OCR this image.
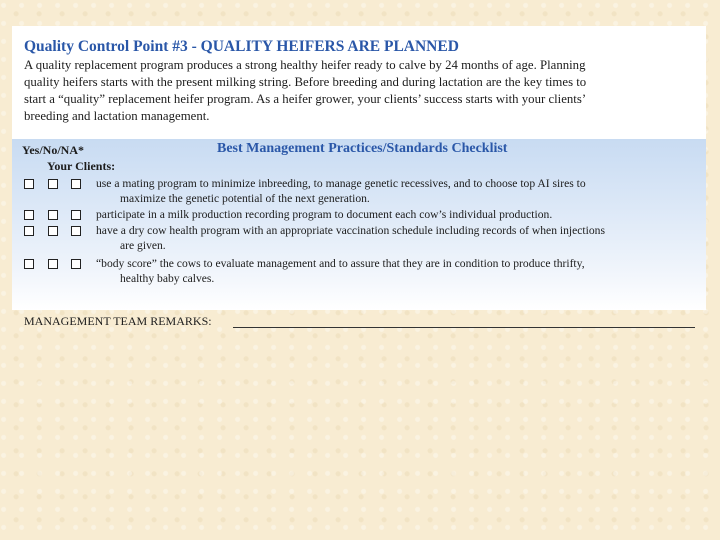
Quality Control Point #3 - QUALITY HEIFERS ARE PLANNED
A quality replacement program produces a strong healthy heifer ready to calve by 24 months of age. Planning
quality heifers starts with the present milking string. Before breeding and during lactation are the key times to
start a “quality” replacement heifer program. As a heifer grower, your clients’ success starts with your clients’
breeding and lactation management.
Yes/No/NA*	Best Management Practices/Standards Checklist
Your Clients:
use a mating program to minimize inbreeding, to manage genetic recessives, and to choose top AI sires to
maximize the genetic potential of the next generation.
participate in a milk production recording program to document each cow’s individual production.
have a dry cow health program with an appropriate vaccination schedule including records of when injections
are given.
“body score” the cows to evaluate management and to assure that they are in condition to produce thrifty,
healthy baby calves.
MANAGEMENT TEAM REMARKS:
